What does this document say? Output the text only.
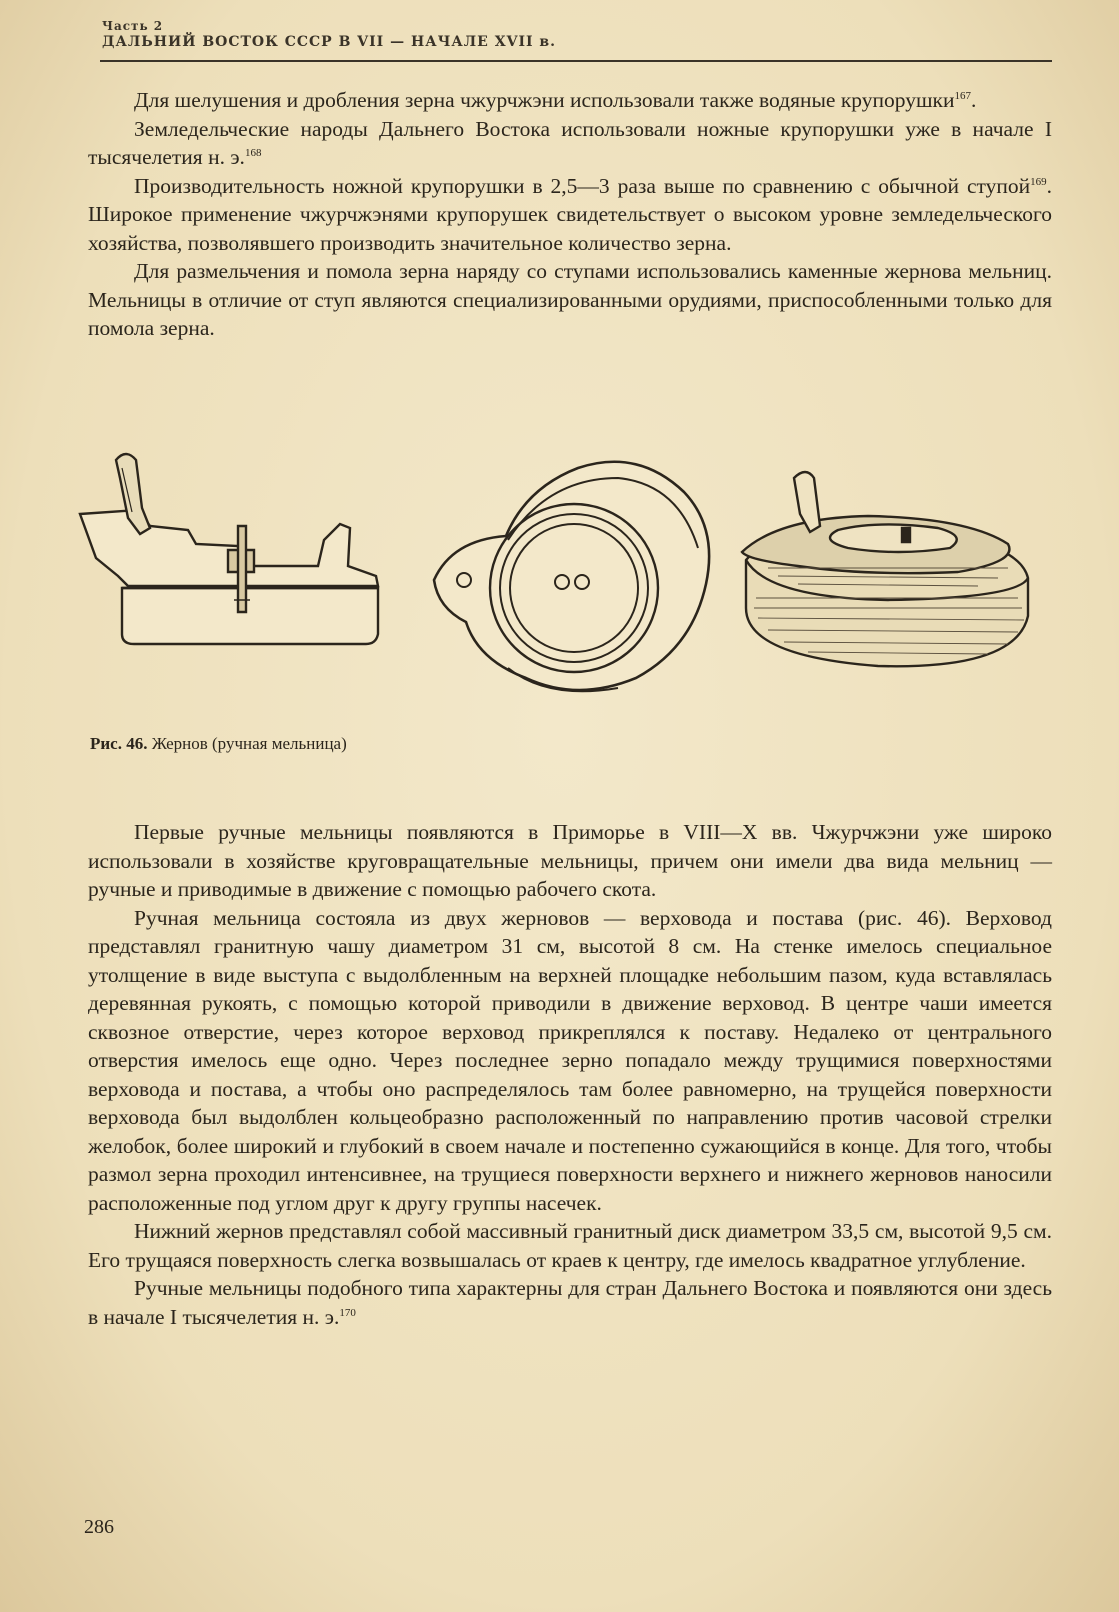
Часть 2
ДАЛЬНИЙ ВОСТОК СССР В VII — НАЧАЛЕ XVII в.

Для шелушения и дробления зерна чжурчжэни использовали также водяные крупорушки$^{167}$.

Земледельческие народы Дальнего Востока использовали ножные крупорушки уже в начале I тысячелетия н. э.$^{168}$

Производительность ножной крупорушки в 2,5—3 раза выше по сравнению с обычной ступой$^{169}$. Широкое применение чжурчжэнями крупорушек свидетельствует о высоком уровне земледельческого хозяйства, позволявшего производить значительное количество зерна.

Для размельчения и помола зерна наряду со ступами использовались каменные жернова мельниц. Мельницы в отличие от ступ являются специализированными орудиями, приспособленными только для помола зерна.

Рис. 46. Жернов (ручная мельница)

Первые ручные мельницы появляются в Приморье в VIII—X вв. Чжурчжэни уже широко использовали в хозяйстве круговращательные мельницы, причем они имели два вида мельниц — ручные и приводимые в движение с помощью рабочего скота.

Ручная мельница состояла из двух жерновов — верховода и постава (рис. 46). Верховод представлял гранитную чашу диаметром 31 см, высотой 8 см. На стенке имелось специальное утолщение в виде выступа с выдолбленным на верхней площадке небольшим пазом, куда вставлялась деревянная рукоять, с помощью которой приводили в движение верховод. В центре чаши имеется сквозное отверстие, через которое верховод прикреплялся к поставу. Недалеко от центрального отверстия имелось еще одно. Через последнее зерно попадало между трущимися поверхностями верховода и постава, а чтобы оно распределялось там более равномерно, на трущейся поверхности верховода был выдолблен кольцеобразно расположенный по направлению против часовой стрелки желобок, более широкий и глубокий в своем начале и постепенно сужающийся в конце. Для того, чтобы размол зерна проходил интенсивнее, на трущиеся поверхности верхнего и нижнего жерновов наносили расположенные под углом друг к другу группы насечек.

Нижний жернов представлял собой массивный гранитный диск диаметром 33,5 см, высотой 9,5 см. Его трущаяся поверхность слегка возвышалась от краев к центру, где имелось квадратное углубление.

Ручные мельницы подобного типа характерны для стран Дальнего Востока и появляются они здесь в начале I тысячелетия н. э.$^{170}$

286
